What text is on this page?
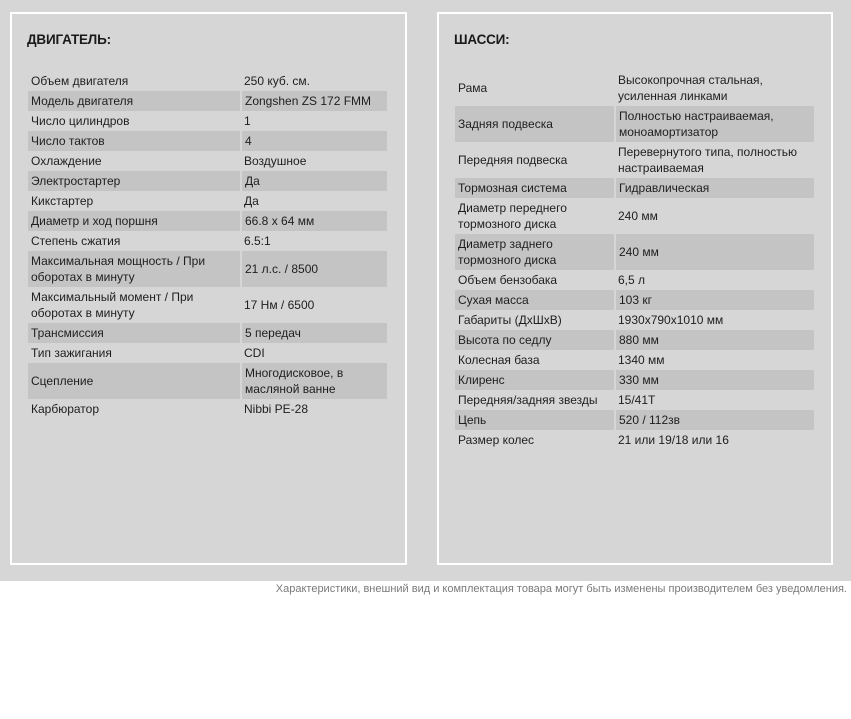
ДВИГАТЕЛЬ:
Объем двигателя	250 куб. см.
Модель двигателя	Zongshen ZS 172 FMM
Число цилиндров	1
Число тактов	4
Охлаждение	Воздушное
Электростартер	Да
Кикстартер	Да
Диаметр и ход поршня	66.8 х 64 мм
Степень сжатия	6.5:1
Максимальная мощность / При оборотах в минуту	21 л.с. / 8500
Максимальный момент / При оборотах в минуту	17 Нм / 6500
Трансмиссия	5 передач
Тип зажигания	CDI
Сцепление	Многодисковое, в масляной ванне
Карбюратор	Nibbi PE-28
ШАССИ:
Рама	Высокопрочная стальная, усиленная линками
Задняя подвеска	Полностью настраиваемая, моноамортизатор
Передняя подвеска	Перевернутого типа, полностью настраиваемая
Тормозная система	Гидравлическая
Диаметр переднего тормозного диска	240 мм
Диаметр заднего тормозного диска	240 мм
Объем бензобака	6,5 л
Сухая масса	103 кг
Габариты (ДхШхВ)	1930х790х1010 мм
Высота по седлу	880 мм
Колесная база	1340 мм
Клиренс	330 мм
Передняя/задняя звезды	15/41Т
Цепь	520 / 112зв
Размер колес	21 или 19/18 или 16
Характеристики, внешний вид и комплектация товара могут быть изменены производителем без уведомления.
